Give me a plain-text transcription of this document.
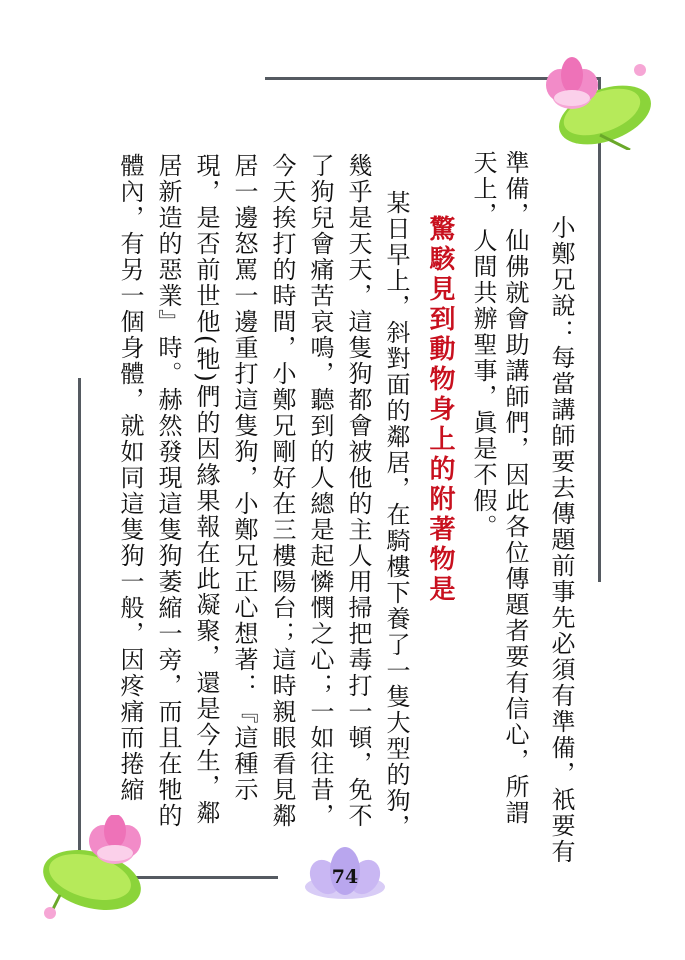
74
小鄭兄說：每當講師要去傳題前事先必須有準備，祇要有
準備，仙佛就會助講師們，因此各位傳題者要有信心，所謂
天上，人間共辦聖事，眞是不假。
驚駭見到動物身上的附著物是
某日早上，斜對面的鄰居，在騎樓下養了一隻大型的狗，
幾乎是天天，這隻狗都會被他的主人用掃把毒打一頓，免不
了狗兒會痛苦哀鳴，聽到的人總是起憐憫之心；一如往昔，
今天挨打的時間，小鄭兄剛好在三樓陽台；這時親眼看見鄰
居一邊怒罵一邊重打這隻狗，小鄭兄正心想著：『這種示
現，是否前世他(牠)們的因緣果報在此凝聚，還是今生，鄰
居新造的惡業』時。赫然發現這隻狗萎縮一旁，而且在牠的
體內，有另一個身體，就如同這隻狗一般，因疼痛而捲縮
